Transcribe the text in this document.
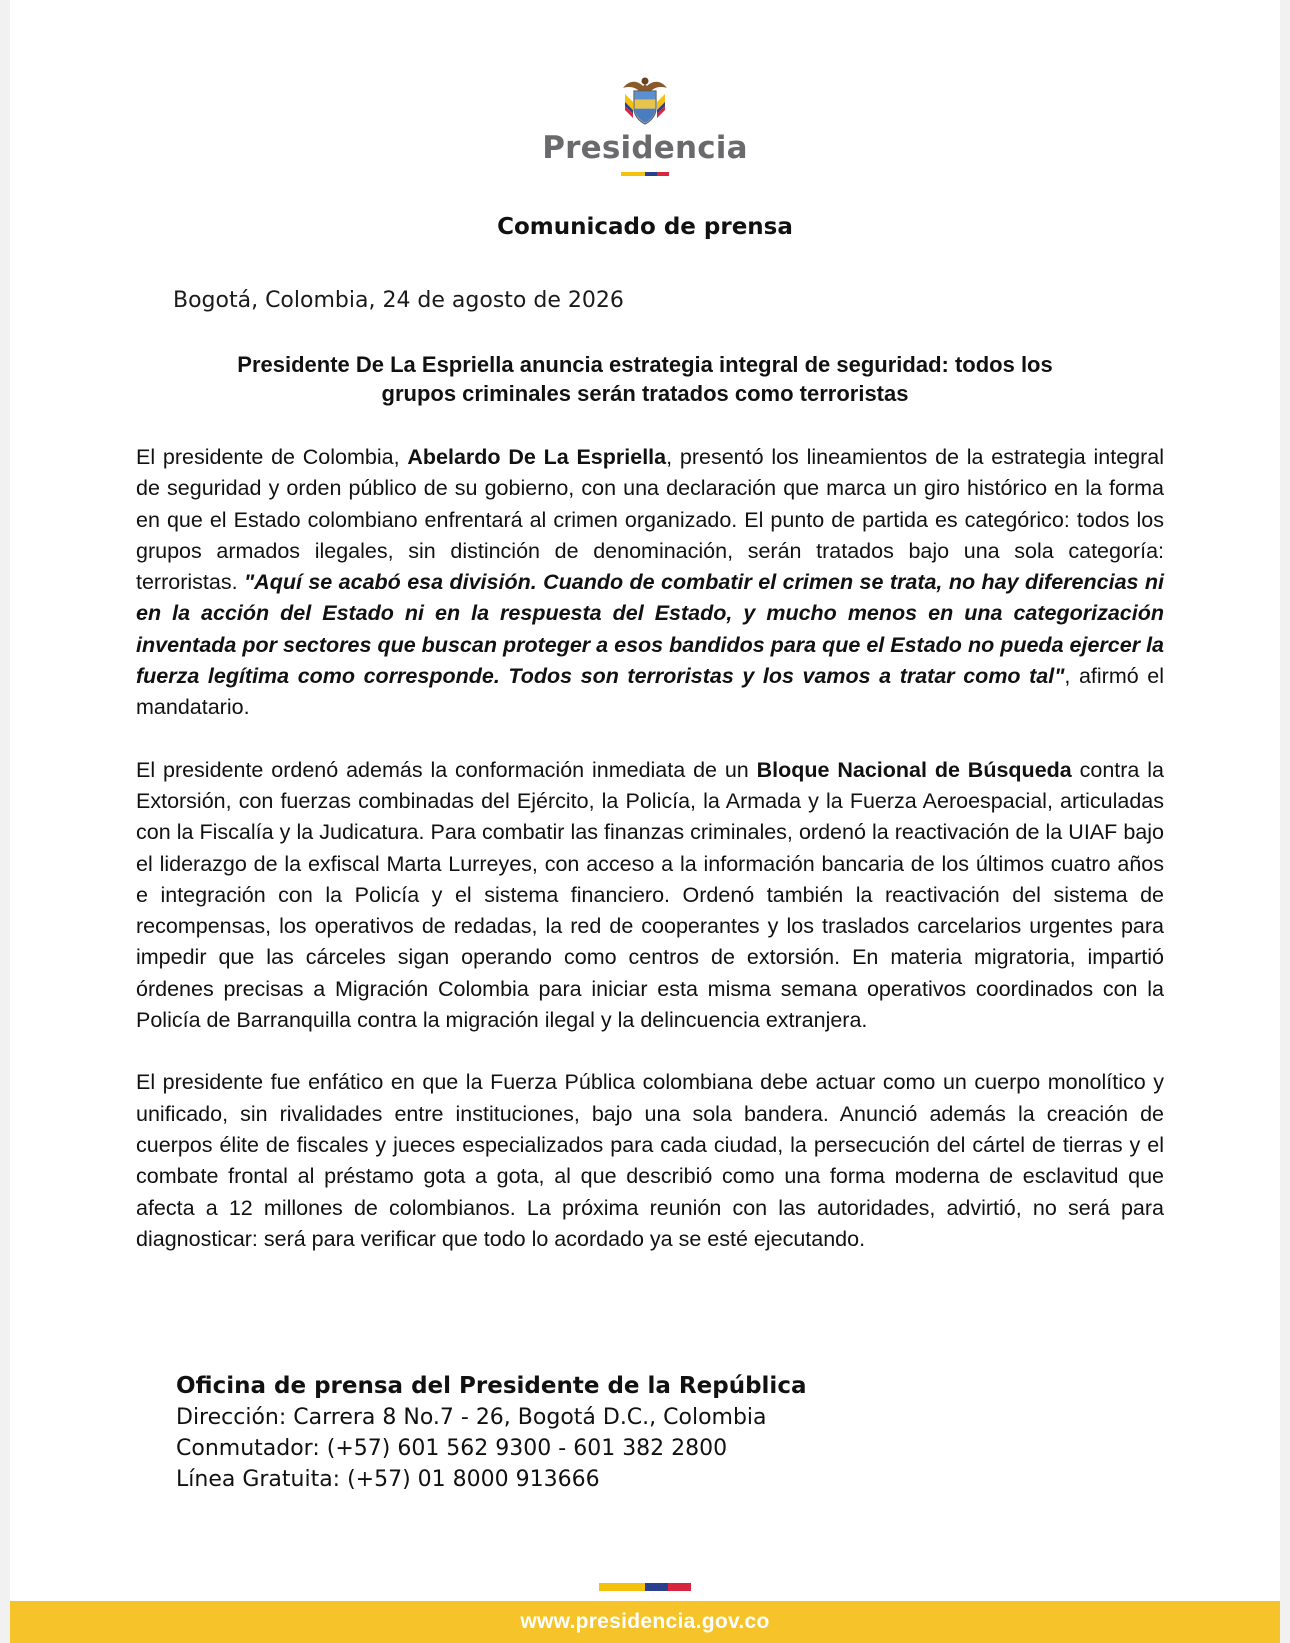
Presidencia
Comunicado de prensa
Bogotá, Colombia, 24 de agosto de 2026
Presidente De La Espriella anuncia estrategia integral de seguridad: todos los
grupos criminales serán tratados como terroristas

El presidente de Colombia, Abelardo De La Espriella, presentó los lineamientos de la estrategia integral de seguridad y orden público de su gobierno, con una declaración que marca un giro histórico en la forma en que el Estado colombiano enfrentará al crimen organizado. El punto de partida es categórico: todos los grupos armados ilegales, sin distinción de denominación, serán tratados bajo una sola categoría: terroristas. "Aquí se acabó esa división. Cuando de combatir el crimen se trata, no hay diferencias ni en la acción del Estado ni en la respuesta del Estado, y mucho menos en una categorización inventada por sectores que buscan proteger a esos bandidos para que el Estado no pueda ejercer la fuerza legítima como corresponde. Todos son terroristas y los vamos a tratar como tal", afirmó el mandatario.

El presidente ordenó además la conformación inmediata de un Bloque Nacional de Búsqueda contra la Extorsión, con fuerzas combinadas del Ejército, la Policía, la Armada y la Fuerza Aeroespacial, articuladas con la Fiscalía y la Judicatura. Para combatir las finanzas criminales, ordenó la reactivación de la UIAF bajo el liderazgo de la exfiscal Marta Lurreyes, con acceso a la información bancaria de los últimos cuatro años e integración con la Policía y el sistema financiero. Ordenó también la reactivación del sistema de recompensas, los operativos de redadas, la red de cooperantes y los traslados carcelarios urgentes para impedir que las cárceles sigan operando como centros de extorsión. En materia migratoria, impartió órdenes precisas a Migración Colombia para iniciar esta misma semana operativos coordinados con la Policía de Barranquilla contra la migración ilegal y la delincuencia extranjera.

El presidente fue enfático en que la Fuerza Pública colombiana debe actuar como un cuerpo monolítico y unificado, sin rivalidades entre instituciones, bajo una sola bandera. Anunció además la creación de cuerpos élite de fiscales y jueces especializados para cada ciudad, la persecución del cártel de tierras y el combate frontal al préstamo gota a gota, al que describió como una forma moderna de esclavitud que afecta a 12 millones de colombianos. La próxima reunión con las autoridades, advirtió, no será para diagnosticar: será para verificar que todo lo acordado ya se esté ejecutando.

Oficina de prensa del Presidente de la República
Dirección: Carrera 8 No.7 - 26, Bogotá D.C., Colombia
Conmutador: (+57) 601 562 9300 - 601 382 2800
Línea Gratuita: (+57) 01 8000 913666
www.presidencia.gov.co
